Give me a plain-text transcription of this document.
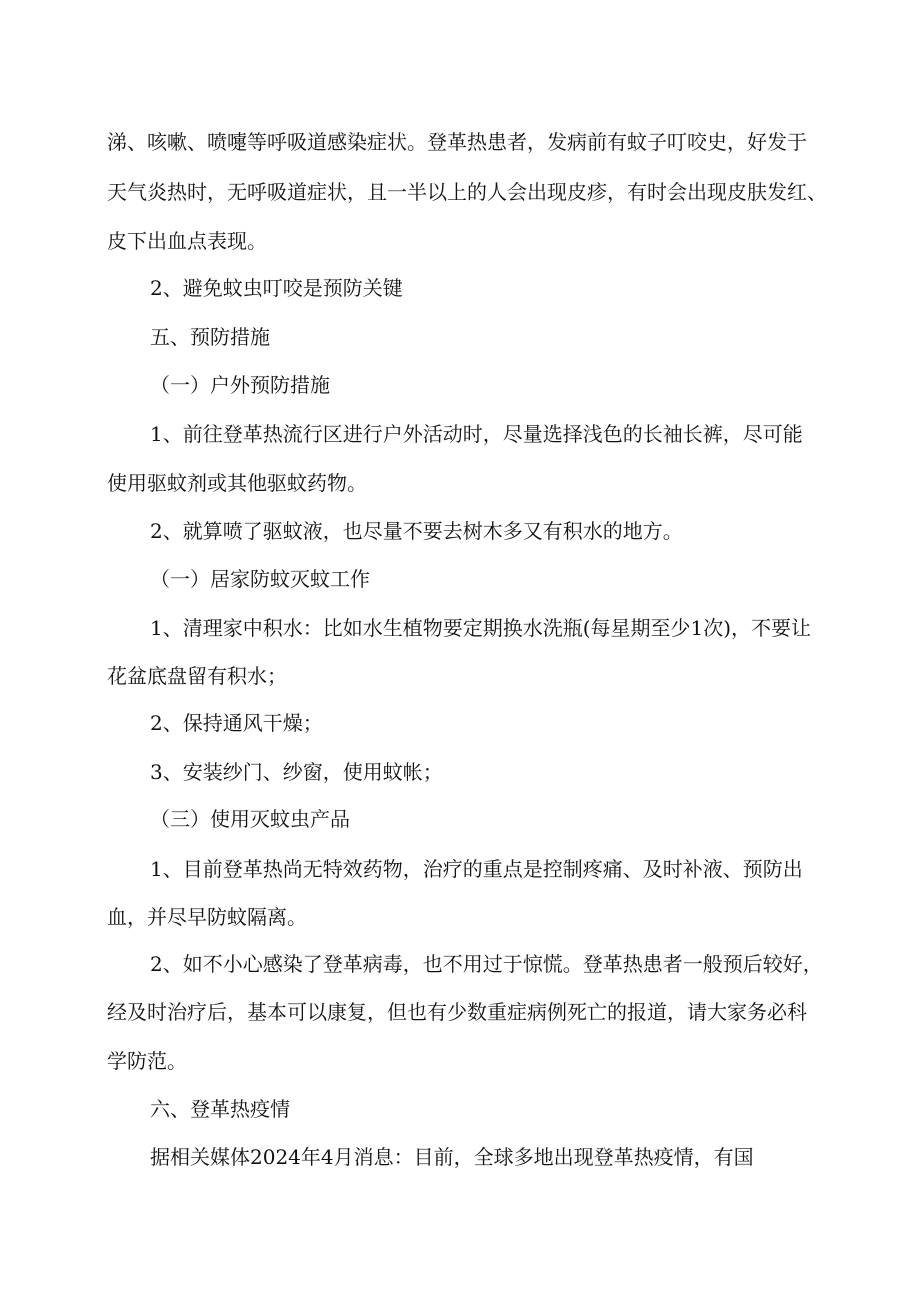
涕、咳嗽、喷嚏等呼吸道感染症状。登革热患者，发病前有蚊子叮咬史，好发于
天气炎热时，无呼吸道症状，且一半以上的人会出现皮疹，有时会出现皮肤发红、
皮下出血点表现。
2、避免蚊虫叮咬是预防关键
五、预防措施
（一）户外预防措施
1、前往登革热流行区进行户外活动时，尽量选择浅色的长袖长裤，尽可能
使用驱蚊剂或其他驱蚊药物。
2、就算喷了驱蚊液，也尽量不要去树木多又有积水的地方。
（一）居家防蚊灭蚊工作
1、清理家中积水：比如水生植物要定期换水洗瓶(每星期至少1次)，不要让
花盆底盘留有积水；
2、保持通风干燥；
3、安装纱门、纱窗，使用蚊帐；
（三）使用灭蚊虫产品
1、目前登革热尚无特效药物，治疗的重点是控制疼痛、及时补液、预防出
血，并尽早防蚊隔离。
2、如不小心感染了登革病毒，也不用过于惊慌。登革热患者一般预后较好，
经及时治疗后，基本可以康复，但也有少数重症病例死亡的报道，请大家务必科
学防范。
六、登革热疫情
据相关媒体2024年4月消息：目前，全球多地出现登革热疫情，有国
